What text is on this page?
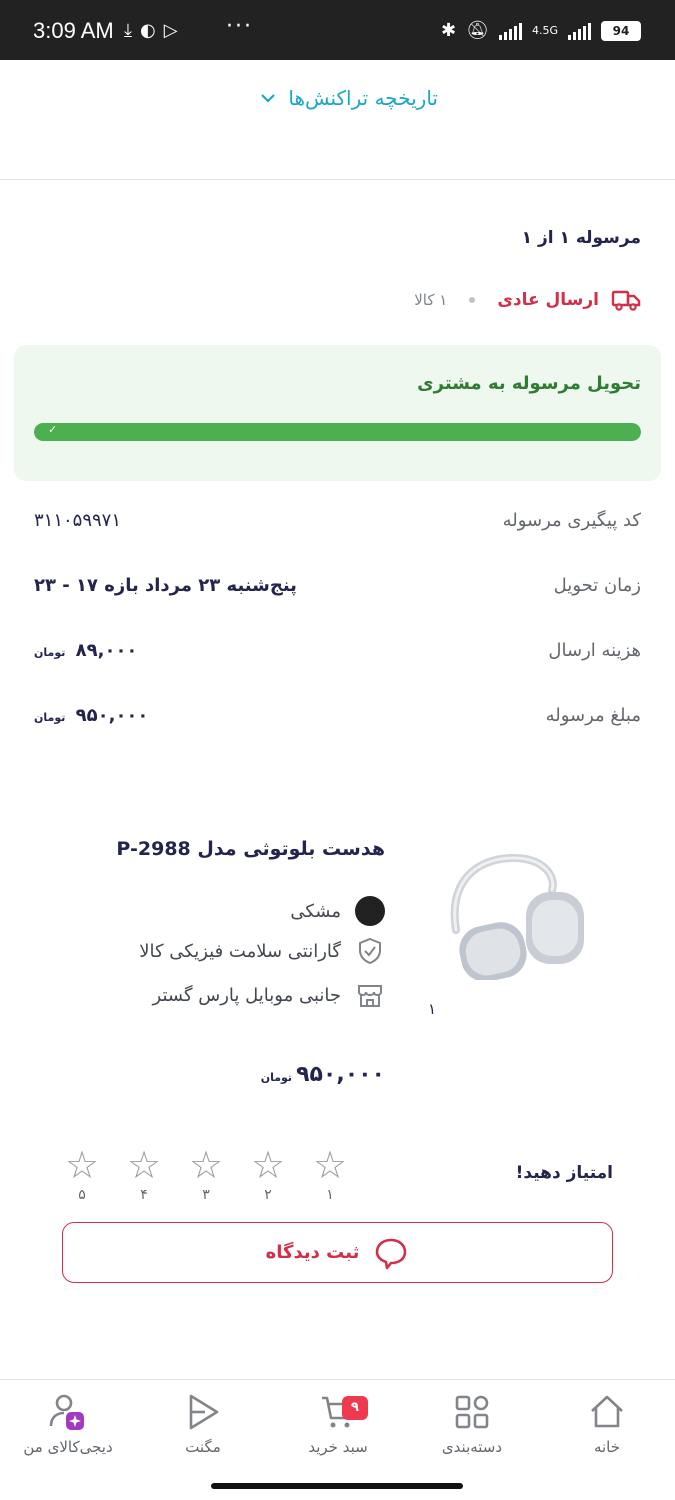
3:09 AM ⤓◐▷ ···	✱ 🔕︎	4.5G	94
تاریخچه تراکنش‌ها
مرسوله ۱ از ۱
ارسال عادی
۱ کالا
تحویل مرسوله به مشتری
✓
کد پیگیری مرسوله
۳۱۱۰۵۹۹۷۱
زمان تحویل
پنج‌شنبه ۲۳ مرداد بازه ۱۷ - ۲۳
هزینه ارسال
۸۹,۰۰۰ تومان
مبلغ مرسوله
۹۵۰,۰۰۰ تومان
هدست بلوتوثی مدل P-2988
۱
مشکی
گارانتی سلامت فیزیکی کالا
جانبی موبایل پارس گستر
۹۵۰,۰۰۰تومان
امتیاز دهید!
☆
۱
☆
۲
☆
۳
☆
۴
☆
۵
ثبت دیدگاه
خانه
دسته‌بندی
۹
سبد خرید
مگنت
دیجی‌کالای من
